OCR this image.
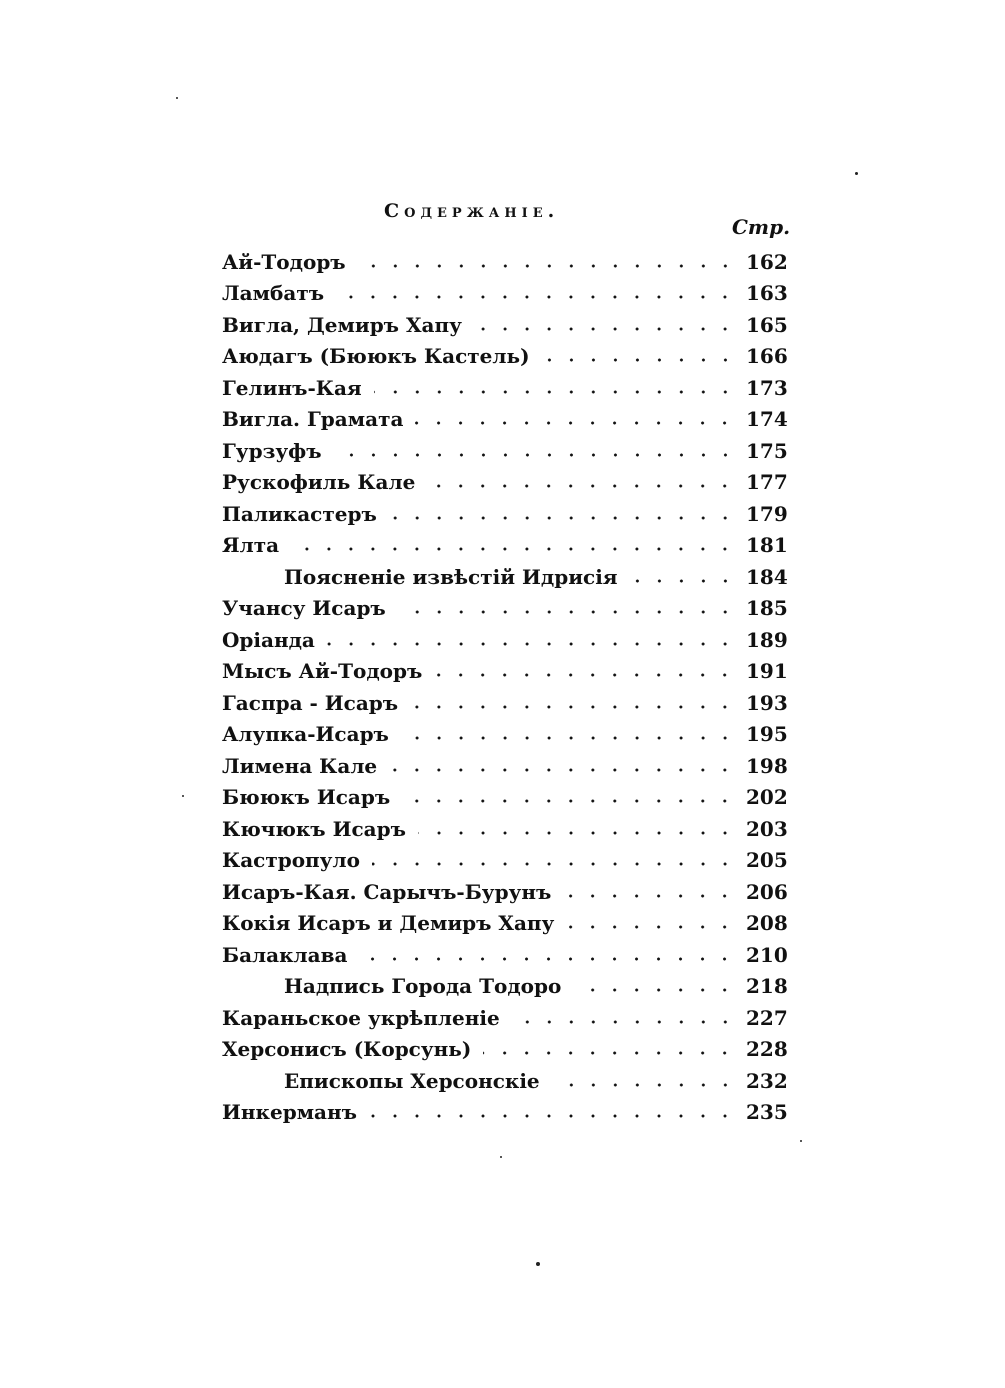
Содержаніе.
Стр.
Ай-Тодоръ	162
Ламбатъ	163
Вигла, Демиръ Хапу	165
Аюдагъ (Бююкъ Кастель)	166
Гелинъ-Кая	173
Вигла. Грамата	174
Гурзуфъ	175
Рускофиль Кале	177
Паликастеръ	179
Ялта	181
Поясненіе извѣстій Идрисія	184
Учансу Исаръ	185
Оріанда	189
Мысъ Ай-Тодоръ	191
Гаспра - Исаръ	193
Алупка-Исаръ	195
Лимена Кале	198
Бююкъ Исаръ	202
Кючюкъ Исаръ	203
Кастропуло	205
Исаръ-Кая. Сарычъ-Бурунъ	206
Кокія Исаръ и Демиръ Хапу	208
Балаклава	210
Надпись Города Тодоро	218
Караньское укрѣпленіе	227
Херсонисъ (Корсунь)	228
Епископы Херсонскіе	232
Инкерманъ	235
